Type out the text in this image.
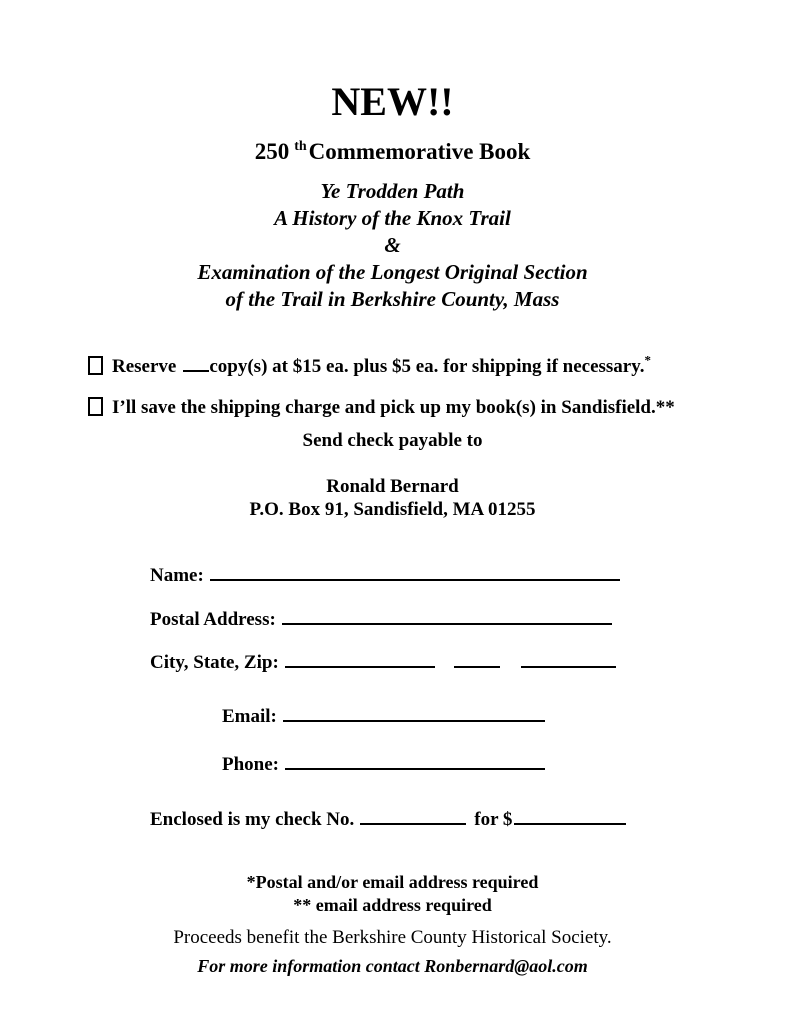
NEW!!
250 $^{th}$Commemorative Book
Ye Trodden Path
A History of the Knox Trail
&
Examination of the Longest Original Section
of the Trail in Berkshire County, Mass
Reserve copy(s) at $15 ea. plus $5 ea. for shipping if necessary.*
I’ll save the shipping charge and pick up my book(s) in Sandisfield.**
Send check payable to
Ronald Bernard
P.O. Box 91, Sandisfield, MA 01255
Name:
Postal Address:
City, State, Zip:
Email:
Phone:
Enclosed is my check No.	for $
*Postal and/or email address required
** email address required
Proceeds benefit the Berkshire County Historical Society.
For more information contact Ronbernard@aol.com
